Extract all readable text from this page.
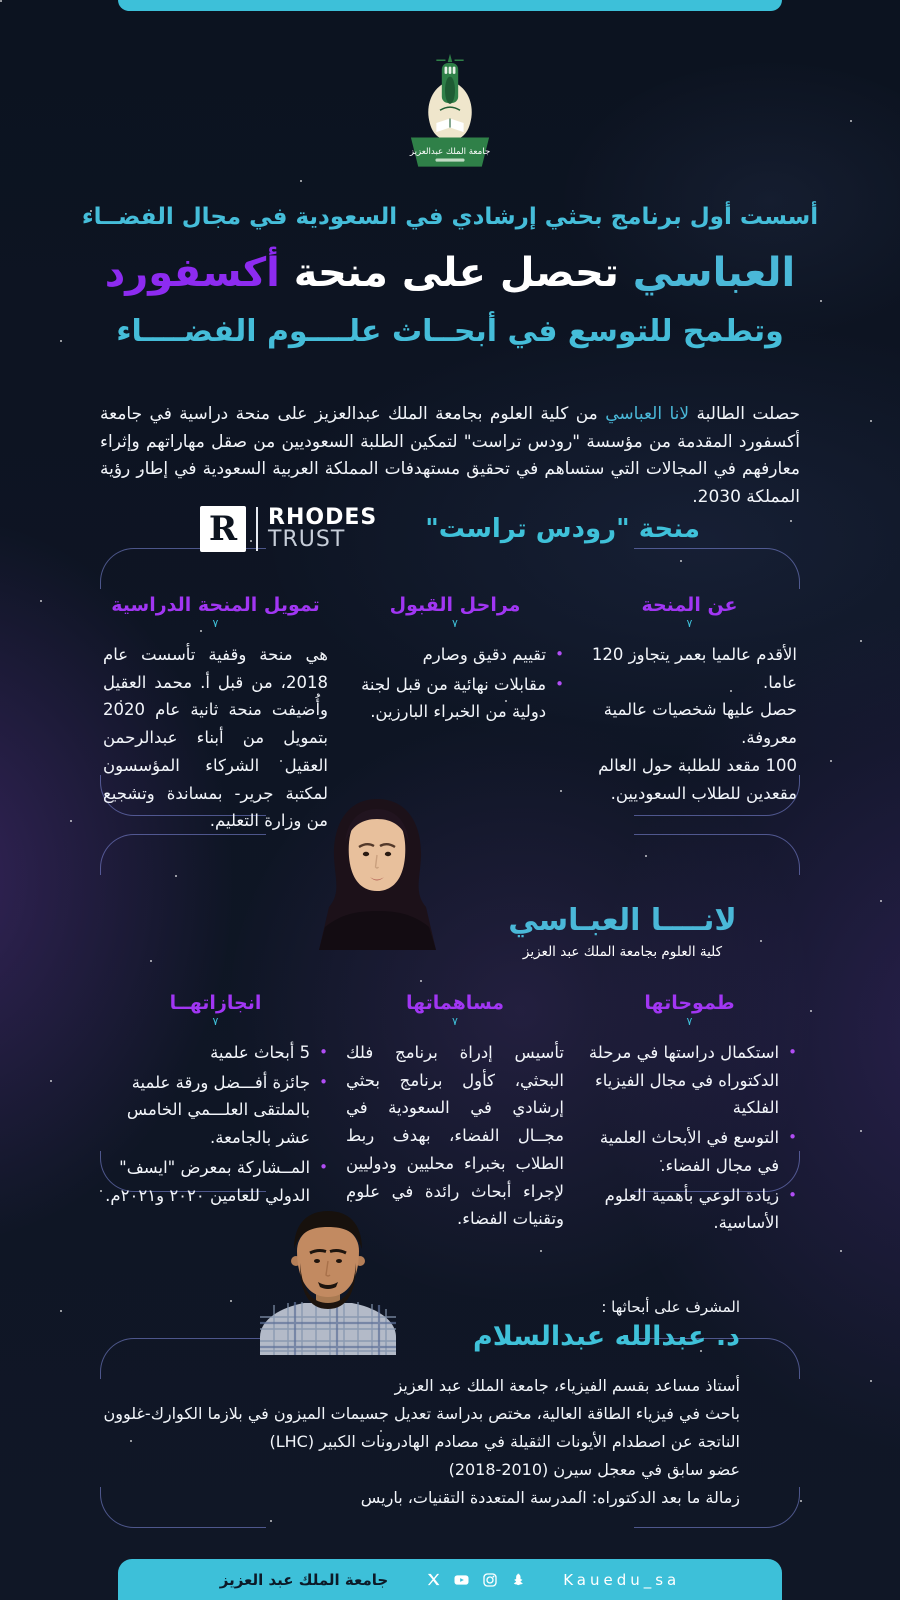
جامعة الملك عبدالعزيز
أسست أول برنامج بحثي إرشادي في السعودية في مجال الفضــاء
العباسي تحصل على منحة أكسفورد
وتطمح للتوسع في أبحــاث علــــوم الفضــــاء

حصلت الطالبة لانا العباسي من كلية العلوم بجامعة الملك عبدالعزيز على منحة دراسية في جامعة أكسفورد المقدمة من مؤسسة "رودس تراست" لتمكين الطلبة السعوديين من صقل مهاراتهم وإثراء معارفهم في المجالات التي ستساهم في تحقيق مستهدفات المملكة العربية السعودية في إطار رؤية المملكة 2030.

R RHODES
TRUST	منحة "رودس تراست"
عن المنحة
٧
الأقدم عالميا بعمر يتجاوز 120 عاما.
حصل عليها شخصيات عالمية معروفة.
100 مقعد للطلبة حول العالم مقعدين للطلاب السعوديين.
مراحل القبول
٧
• تقييم دقيق وصارم
• مقابلات نهائية من قبل لجنة دولية من الخبراء البارزين.
تمويل المنحة الدراسية
٧

هي منحة وقفية تأسست عام 2018، من قبل أ. محمد العقيل وأُضيفت منحة ثانية عام 2020 بتمويل من أبناء عبدالرحمن العقيل الشركاء المؤسسون لمكتبة جرير- بمساندة وتشجيع من وزارة التعليم.

لانــــا العبـاسي
كلية العلوم بجامعة الملك عبد العزيز
طموحاتها
٧
• استكمال دراستها في مرحلة الدكتوراه في مجال الفيزياء الفلكية
• التوسع في الأبحاث العلمية في مجال الفضاء.
• زيادة الوعي بأهمية العلوم الأساسية.
مساهماتها
٧

تأسيس إدراة برنامج فلك البحثي، كأول برنامج بحثي إرشادي في السعودية في مجــال الفضاء، بهدف ربط الطلاب بخبراء محليين ودوليين لإجراء أبحاث رائدة في علوم وتقنيات الفضاء.

انجازاتهــا
٧
• 5 أبحاث علمية
• جائزة أفـــضل ورقة علمية بالملتقى العلـــمي الخامس عشر بالجامعة.
• المــشاركة بمعرض "ايسف" الدولي للعامين ٢٠٢٠ و٢٠٢١م.
المشرف على أبحاثها :
د. عبدالله عبدالسلام
أستاذ مساعد بقسم الفيزياء، جامعة الملك عبد العزيز
باحث في فيزياء الطاقة العالية، مختص بدراسة تعديل جسيمات الميزون في بلازما الكوارك-غلوون
الناتجة عن اصطدام الأيونات الثقيلة في مصادم الهادرونات الكبير (LHC)
عضو سابق في معجل سيرن (2010-2018)
زمالة ما بعد الدكتوراه: المدرسة المتعددة التقنيات، باريس
جامعة الملك عبد العزيز	Kauedu_sa
